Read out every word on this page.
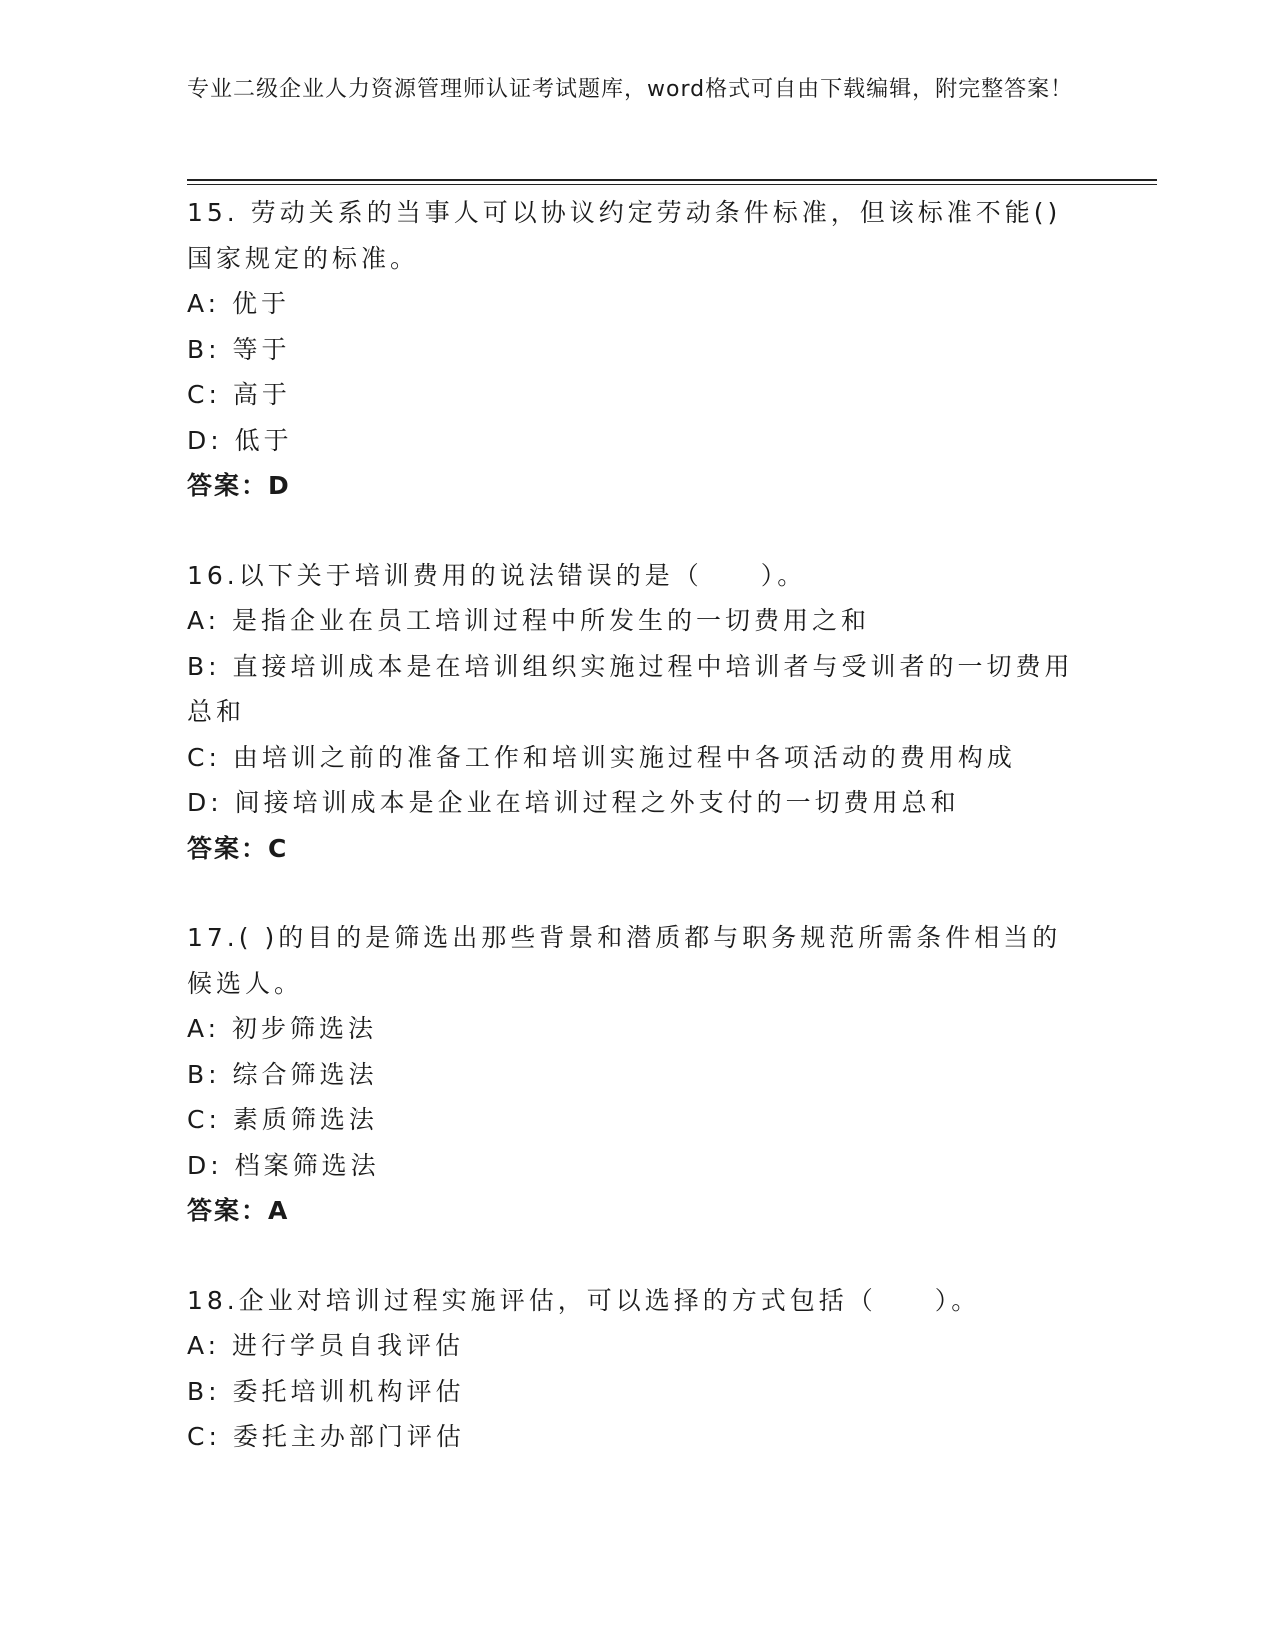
专业二级企业人力资源管理师认证考试题库，word格式可自由下载编辑，附完整答案！
15. 劳动关系的当事人可以协议约定劳动条件标准，但该标准不能()
国家规定的标准。
A: 优于
B: 等于
C: 高于
D: 低于
答案：D
16.以下关于培训费用的说法错误的是（　　）。
A: 是指企业在员工培训过程中所发生的一切费用之和
B: 直接培训成本是在培训组织实施过程中培训者与受训者的一切费用
总和
C: 由培训之前的准备工作和培训实施过程中各项活动的费用构成
D: 间接培训成本是企业在培训过程之外支付的一切费用总和
答案：C
17.( )的目的是筛选出那些背景和潜质都与职务规范所需条件相当的
候选人。
A: 初步筛选法
B: 综合筛选法
C: 素质筛选法
D: 档案筛选法
答案：A
18.企业对培训过程实施评估，可以选择的方式包括（　　）。
A: 进行学员自我评估
B: 委托培训机构评估
C: 委托主办部门评估
